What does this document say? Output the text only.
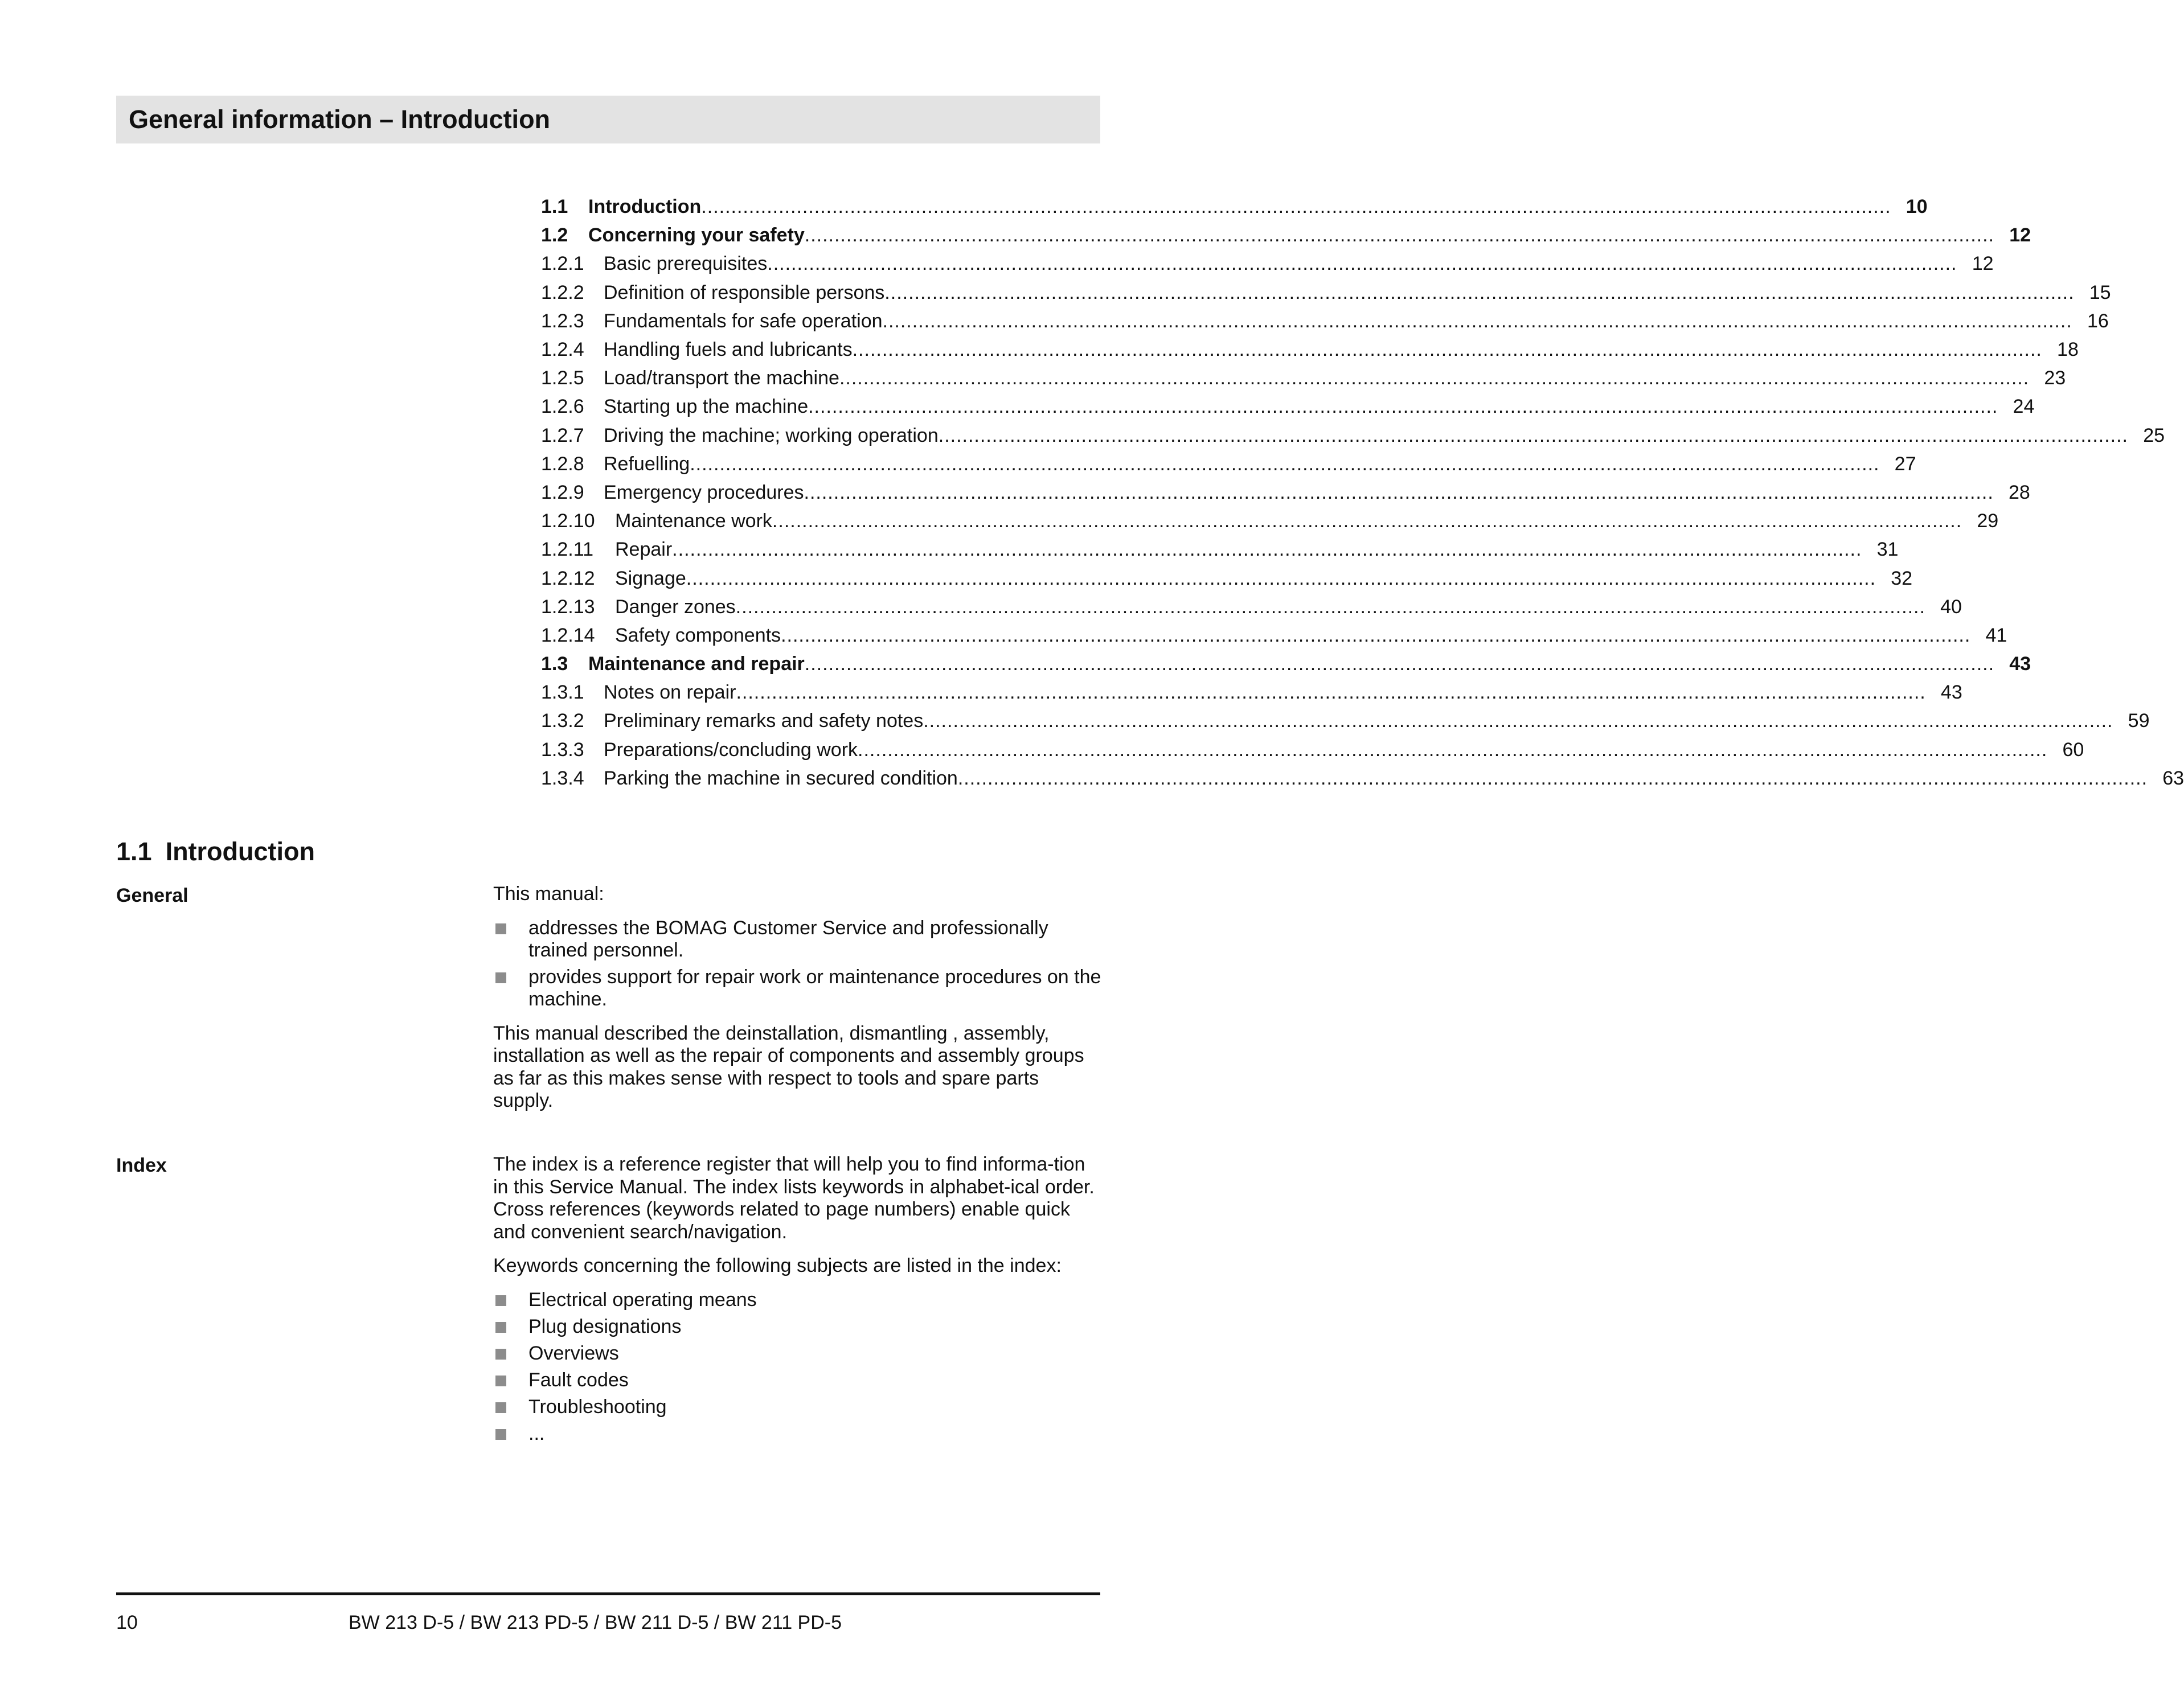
General information – Introduction
1.1	Introduction ........................................................................................................................................................................................................ 10
1.2	Concerning your safety ........................................................................................................................................................................................................ 12
1.2.1	Basic prerequisites ........................................................................................................................................................................................................ 12
1.2.2	Definition of responsible persons ........................................................................................................................................................................................................ 15
1.2.3	Fundamentals for safe operation ........................................................................................................................................................................................................ 16
1.2.4	Handling fuels and lubricants ........................................................................................................................................................................................................ 18
1.2.5	Load/transport the machine ........................................................................................................................................................................................................ 23
1.2.6	Starting up the machine ........................................................................................................................................................................................................ 24
1.2.7	Driving the machine; working operation ........................................................................................................................................................................................................ 25
1.2.8	Refuelling ........................................................................................................................................................................................................ 27
1.2.9	Emergency procedures ........................................................................................................................................................................................................ 28
1.2.10	Maintenance work ........................................................................................................................................................................................................ 29
1.2.11	Repair ........................................................................................................................................................................................................ 31
1.2.12	Signage ........................................................................................................................................................................................................ 32
1.2.13	Danger zones ........................................................................................................................................................................................................ 40
1.2.14	Safety components ........................................................................................................................................................................................................ 41
1.3	Maintenance and repair ........................................................................................................................................................................................................ 43
1.3.1	Notes on repair ........................................................................................................................................................................................................ 43
1.3.2	Preliminary remarks and safety notes ........................................................................................................................................................................................................ 59
1.3.3	Preparations/concluding work ........................................................................................................................................................................................................ 60
1.3.4	Parking the machine in secured condition ........................................................................................................................................................................................................ 63
1.1 Introduction
General	This manual:

addresses the BOMAG Customer Service and professionally trained personnel.
provides support for repair work or maintenance procedures on the machine.

This manual described the deinstallation, dismantling , assembly, installation as well as the repair of components and assembly groups as far as this makes sense with respect to tools and spare parts supply.

Index	The index is a reference register that will help you to find informa-tion in this Service Manual. The index lists keywords in alphabet-ical order. Cross references (keywords related to page numbers) enable quick and convenient search/navigation.

Keywords concerning the following subjects are listed in the index:

Electrical operating means
Plug designations
Overviews
Fault codes
Troubleshooting
...
10	BW 213 D-5 / BW 213 PD-5 / BW 211 D-5 / BW 211 PD-5
